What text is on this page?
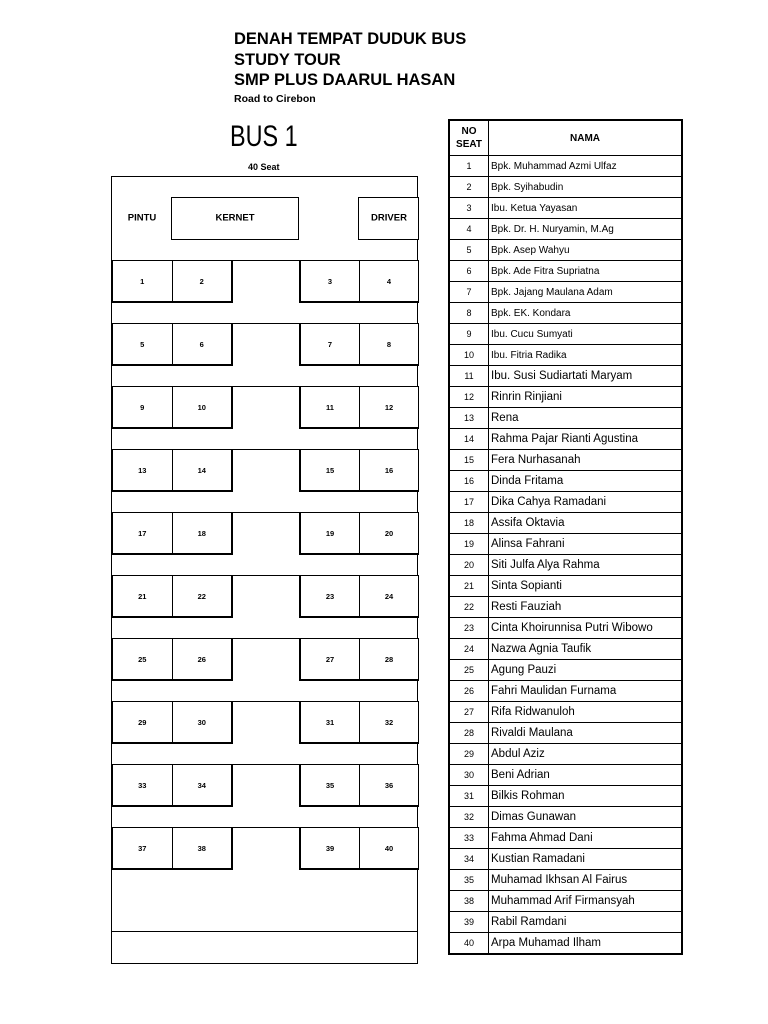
DENAH TEMPAT DUDUK BUS
STUDY TOUR
SMP PLUS DAARUL HASAN
Road to Cirebon
BUS 1
40 Seat
PINTU	KERNET	DRIVER
1	2	3	4
5	6	7	8
9	10	11	12
13	14	15	16
17	18	19	20
21	22	23	24
25	26	27	28
29	30	31	32
33	34	35	36
37	38	39	40
NO
SEAT	NAMA
1	Bpk. Muhammad Azmi Ulfaz
2	Bpk. Syihabudin
3	Ibu. Ketua Yayasan
4	Bpk. Dr. H. Nuryamin, M.Ag
5	Bpk. Asep Wahyu
6	Bpk. Ade Fitra Supriatna
7	Bpk. Jajang Maulana Adam
8	Bpk. EK. Kondara
9	Ibu. Cucu Sumyati
10	Ibu. Fitria Radika
11	Ibu. Susi Sudiartati Maryam
12	Rinrin Rinjiani
13	Rena
14	Rahma Pajar Rianti Agustina
15	Fera Nurhasanah
16	Dinda Fritama
17	Dika Cahya Ramadani
18	Assifa Oktavia
19	Alinsa Fahrani
20	Siti Julfa Alya Rahma
21	Sinta Sopianti
22	Resti Fauziah
23	Cinta Khoirunnisa Putri Wibowo
24	Nazwa Agnia Taufik
25	Agung Pauzi
26	Fahri Maulidan Furnama
27	Rifa Ridwanuloh
28	Rivaldi Maulana
29	Abdul Aziz
30	Beni Adrian
31	Bilkis Rohman
32	Dimas Gunawan
33	Fahma Ahmad Dani
34	Kustian Ramadani
35	Muhamad Ikhsan Al Fairus
38	Muhammad Arif Firmansyah
39	Rabil Ramdani
40	Arpa Muhamad Ilham
